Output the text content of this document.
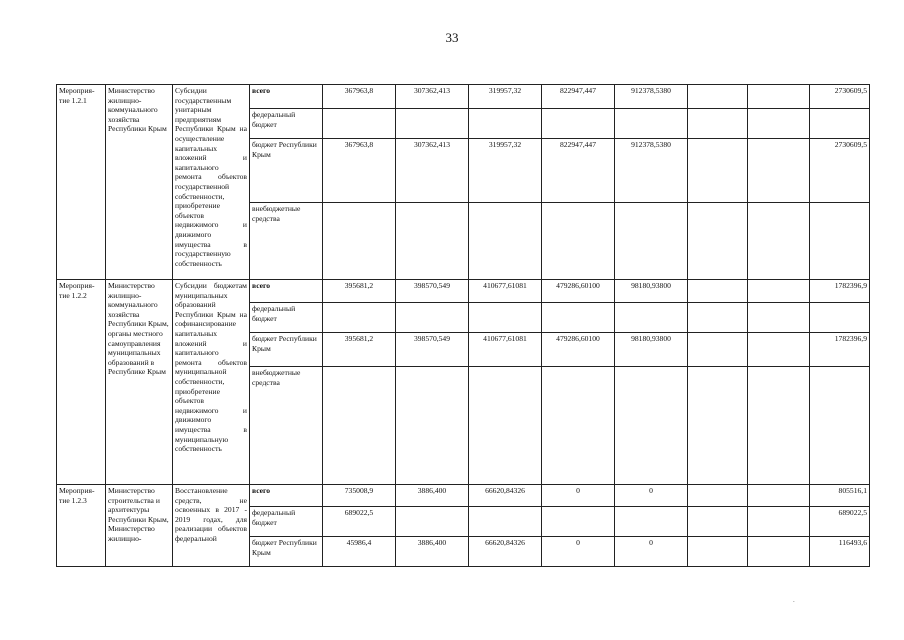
33
Мероприя-тие 1.2.1	Министерство жилищно-коммунального хозяйства Республики Крым	Субсидии государственным унитарным предприятиям Республики Крым на осуществление капитальных вложений и капитального ремонта объектов государственной собственности, приобретение объектов недвижимого и движимого имущества в государственную собственность	всего	367963,8	307362,413	319957,32	822947,447	912378,5380			2730609,5
			федеральный бюджет								
			бюджет Республики Крым	367963,8	307362,413	319957,32	822947,447	912378,5380			2730609,5
			внебюджетные средства								
Мероприя-тие 1.2.2	Министерство жилищно-коммунального хозяйства Республики Крым, органы местного самоуправления муниципальных образований в Республике Крым	Субсидии бюджетам муниципальных образований Республики Крым на софинансирование капитальных вложений и капитального ремонта объектов муниципальной собственности, приобретение объектов недвижимого и движимого имущества в муниципальную собственность	всего	395681,2	398570,549	410677,61081	479286,60100	98180,93800			1782396,9
			федеральный бюджет								
			бюджет Республики Крым	395681,2	398570,549	410677,61081	479286,60100	98180,93800			1782396,9
			внебюджетные средства								
Мероприя-тие 1.2.3	Министерство строительства и архитектуры Республики Крым, Министерство жилищно-	Восстановление средств, не освоенных в 2017 - 2019 годах, для реализации объектов федеральной	всего	735008,9	3886,400	66620,84326	0	0			805516,1
			федеральный бюджет	689022,5							689022,5
			бюджет Республики Крым	45986,4	3886,400	66620,84326	0	0			116493,6
.
